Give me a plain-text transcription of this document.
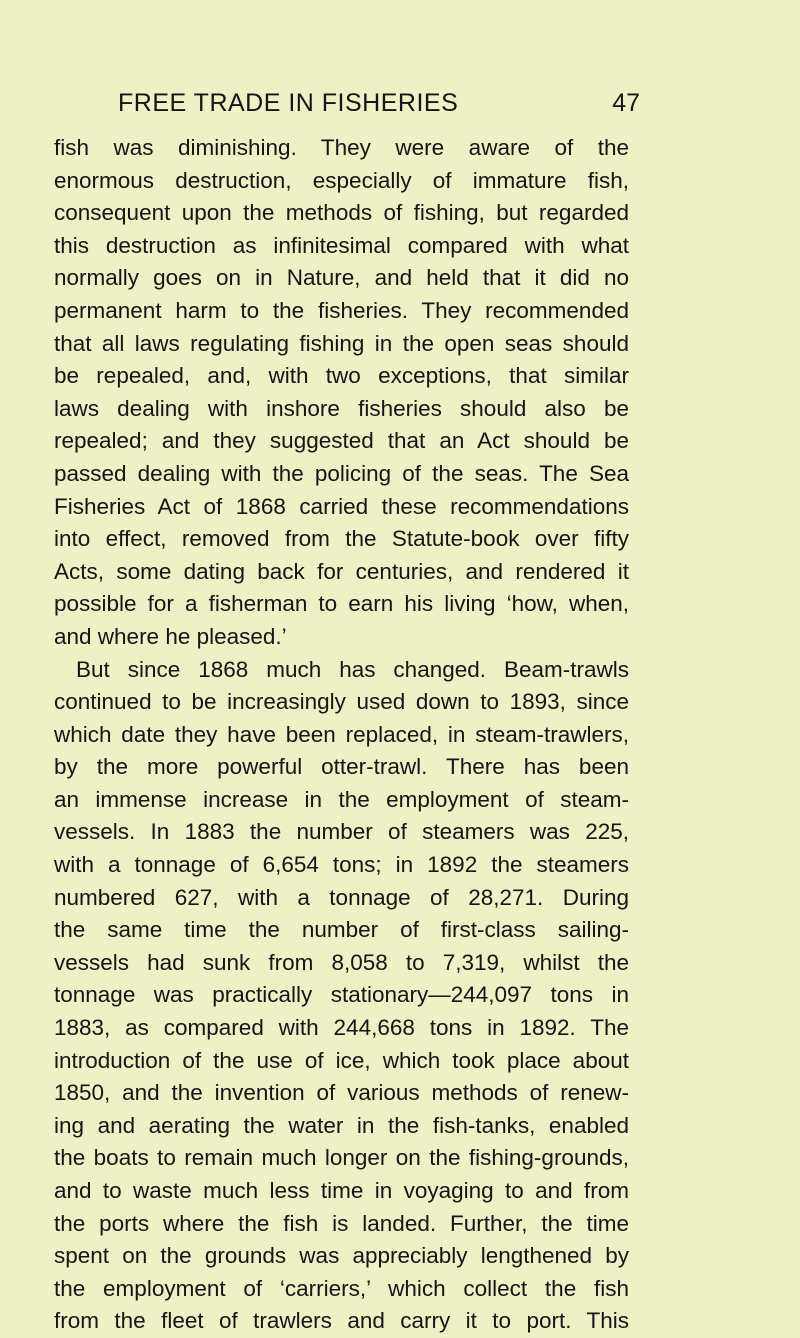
FREE TRADE IN FISHERIES	47
fish was diminishing. They were aware of the
enormous destruction, especially of immature fish,
consequent upon the methods of fishing, but regarded
this destruction as infinitesimal compared with what
normally goes on in Nature, and held that it did no
permanent harm to the fisheries. They recommended
that all laws regulating fishing in the open seas should
be repealed, and, with two exceptions, that similar
laws dealing with inshore fisheries should also be
repealed; and they suggested that an Act should be
passed dealing with the policing of the seas. The Sea
Fisheries Act of 1868 carried these recommendations
into effect, removed from the Statute-book over fifty
Acts, some dating back for centuries, and rendered it
possible for a fisherman to earn his living ‘how, when,
and where he pleased.’
But since 1868 much has changed. Beam-trawls
continued to be increasingly used down to 1893, since
which date they have been replaced, in steam-trawlers,
by the more powerful otter-trawl. There has been
an immense increase in the employment of steam-
vessels. In 1883 the number of steamers was 225,
with a tonnage of 6,654 tons; in 1892 the steamers
numbered 627, with a tonnage of 28,271. During
the same time the number of first-class sailing-
vessels had sunk from 8,058 to 7,319, whilst the
tonnage was practically stationary—244,097 tons in
1883, as compared with 244,668 tons in 1892. The
introduction of the use of ice, which took place about
1850, and the invention of various methods of renew-
ing and aerating the water in the fish-tanks, enabled
the boats to remain much longer on the fishing-grounds,
and to waste much less time in voyaging to and from
the ports where the fish is landed. Further, the time
spent on the grounds was appreciably lengthened by
the employment of ‘carriers,’ which collect the fish
from the fleet of trawlers and carry it to port. This
